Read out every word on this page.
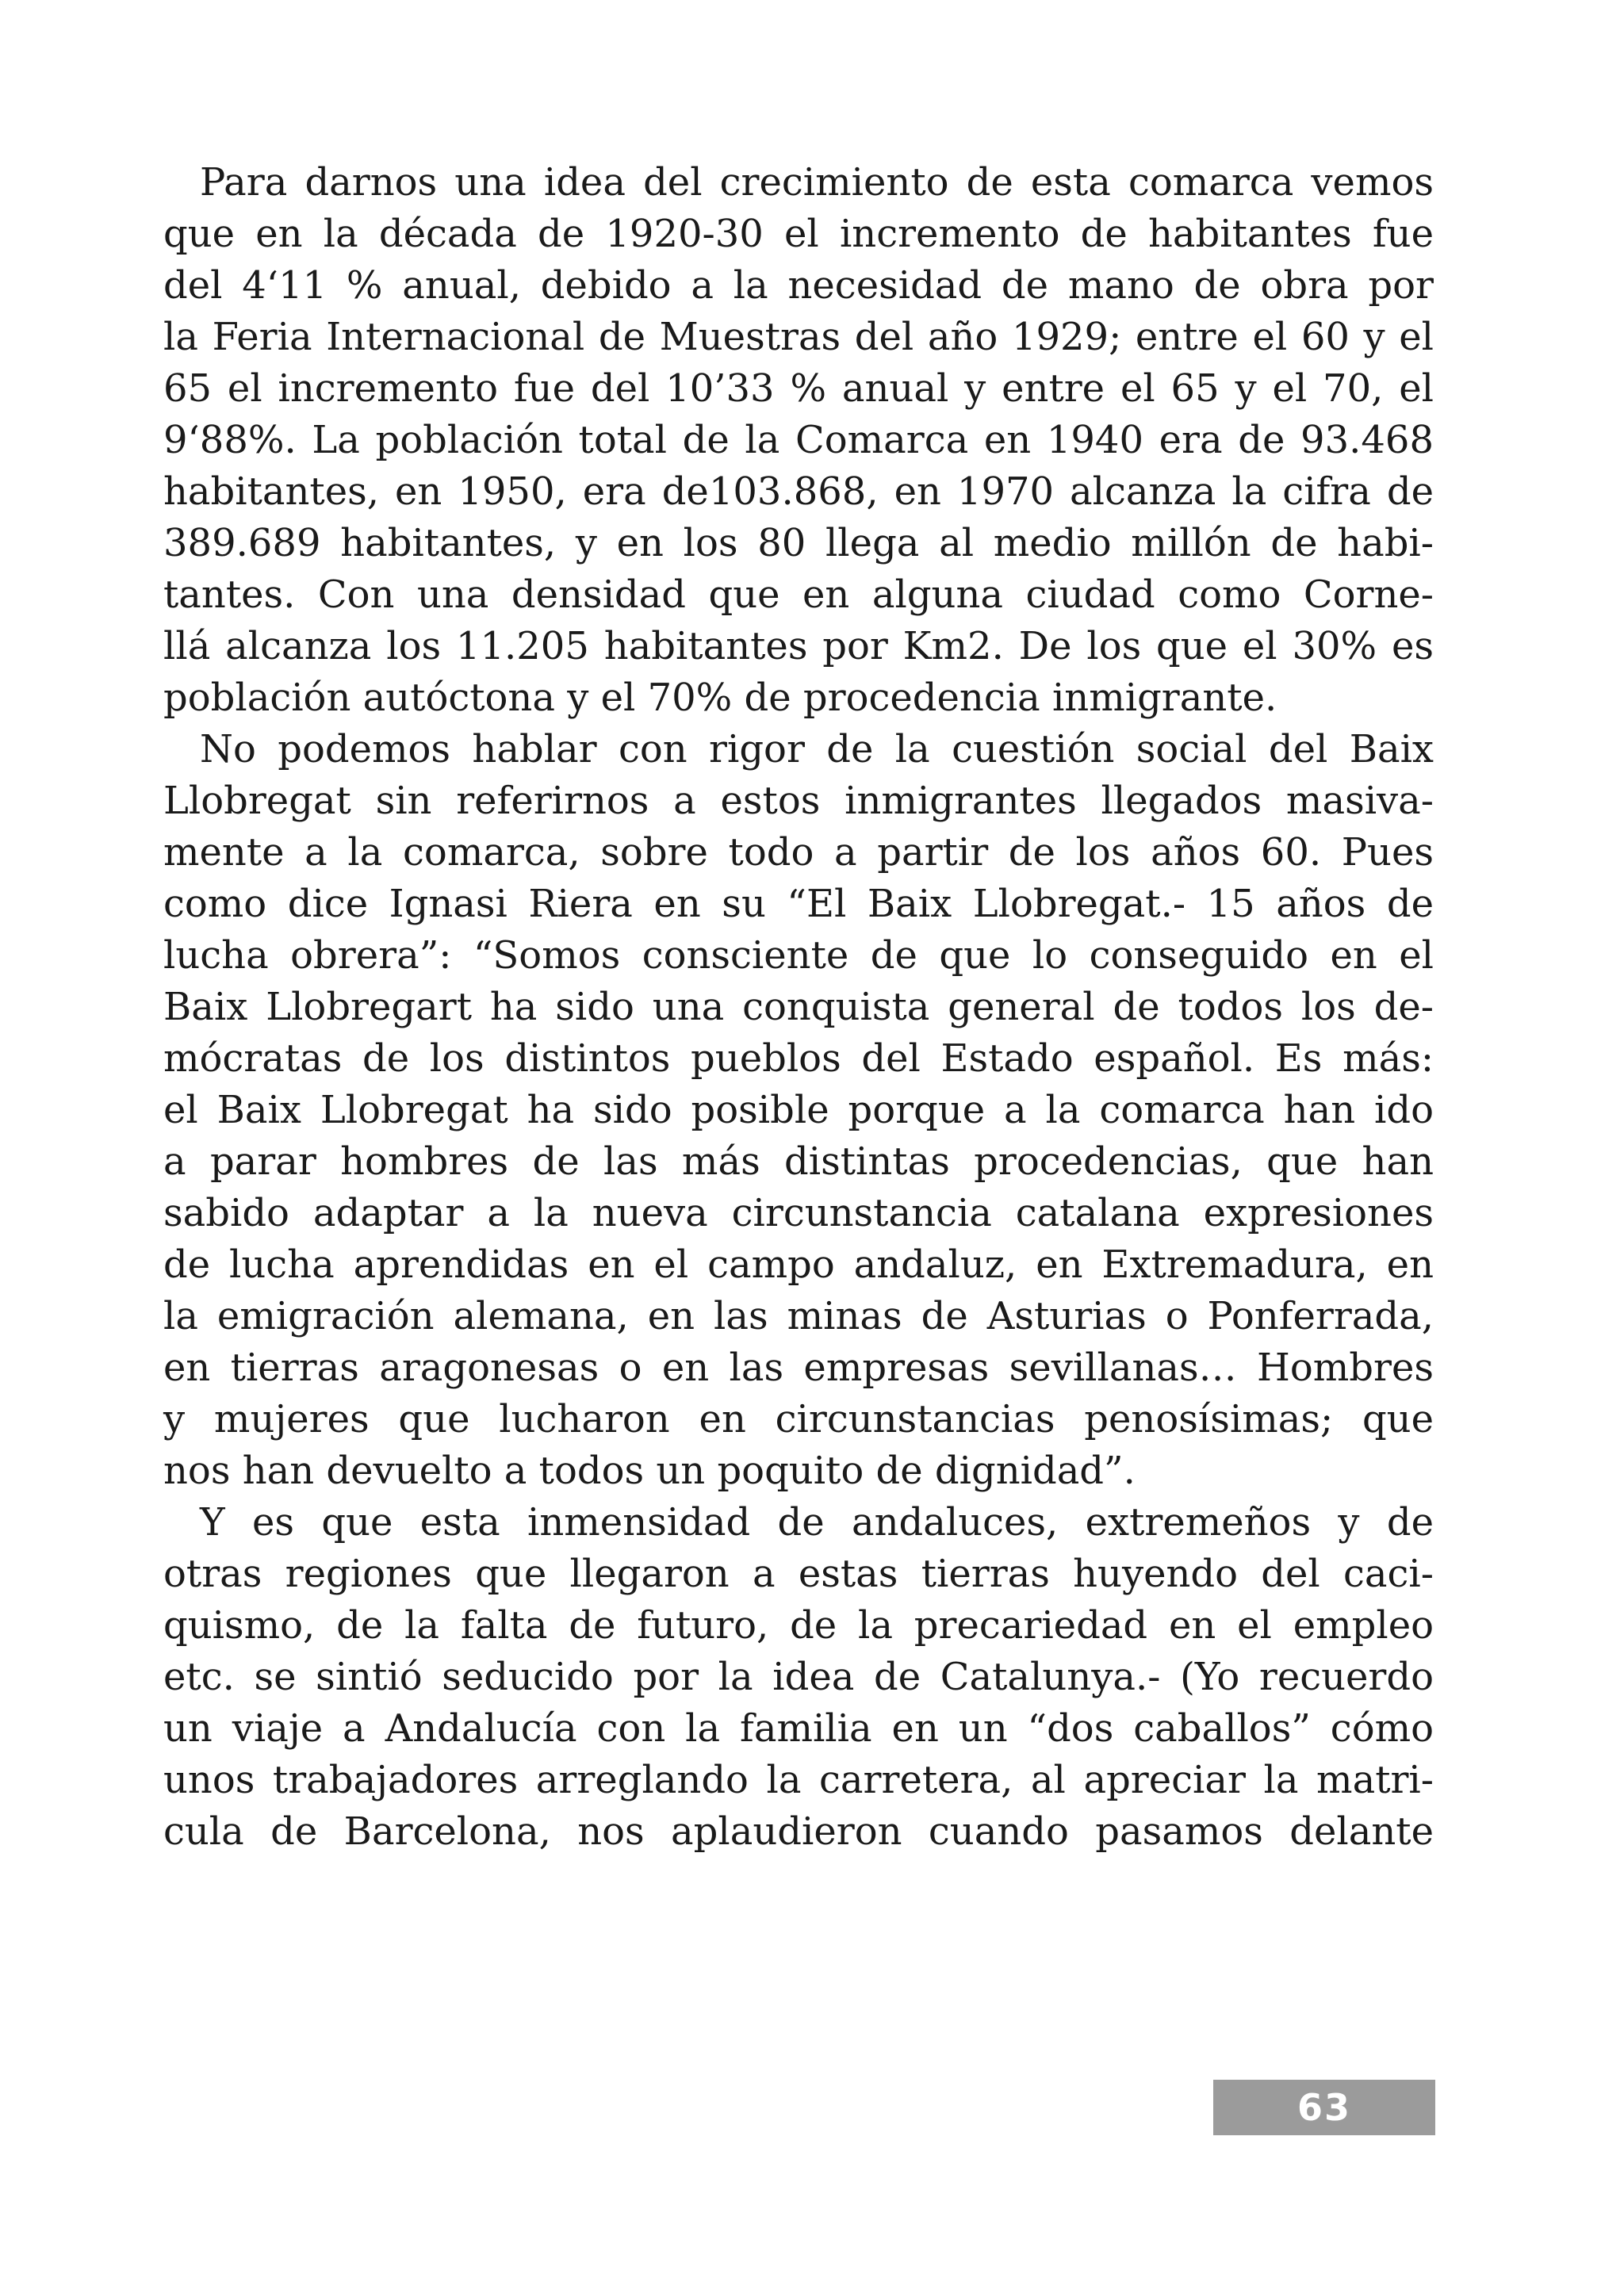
Para darnos una idea del crecimiento de esta comarca vemos
que en la década de 1920-30 el incremento de habitantes fue
del 4‘11 % anual, debido a la necesidad de mano de obra por
la Feria Internacional de Muestras del año 1929; entre el 60 y el
65 el incremento fue del 10’33 % anual y entre el 65 y el 70, el
9‘88%. La población total de la Comarca en 1940 era de 93.468
habitantes, en 1950, era de103.868, en 1970 alcanza la cifra de
389.689 habitantes, y en los 80 llega al medio millón de habi-
tantes. Con una densidad que en alguna ciudad como Corne-
llá alcanza los 11.205 habitantes por Km2. De los que el 30% es
población autóctona y el 70% de procedencia inmigrante.
No podemos hablar con rigor de la cuestión social del Baix
Llobregat sin referirnos a estos inmigrantes llegados masiva-
mente a la comarca, sobre todo a partir de los años 60. Pues
como dice Ignasi Riera en su “El Baix Llobregat.- 15 años de
lucha obrera”: “Somos consciente de que lo conseguido en el
Baix Llobregart ha sido una conquista general de todos los de-
mócratas de los distintos pueblos del Estado español. Es más:
el Baix Llobregat ha sido posible porque a la comarca han ido
a parar hombres de las más distintas procedencias, que han
sabido adaptar a la nueva circunstancia catalana expresiones
de lucha aprendidas en el campo andaluz, en Extremadura, en
la emigración alemana, en las minas de Asturias o Ponferrada,
en tierras aragonesas o en las empresas sevillanas… Hombres
y mujeres que lucharon en circunstancias penosísimas; que
nos han devuelto a todos un poquito de dignidad”.
Y es que esta inmensidad de andaluces, extremeños y de
otras regiones que llegaron a estas tierras huyendo del caci-
quismo, de la falta de futuro, de la precariedad en el empleo
etc. se sintió seducido por la idea de Catalunya.- (Yo recuerdo
un viaje a Andalucía con la familia en un “dos caballos” cómo
unos trabajadores arreglando la carretera, al apreciar la matri-
cula de Barcelona, nos aplaudieron cuando pasamos delante
63
